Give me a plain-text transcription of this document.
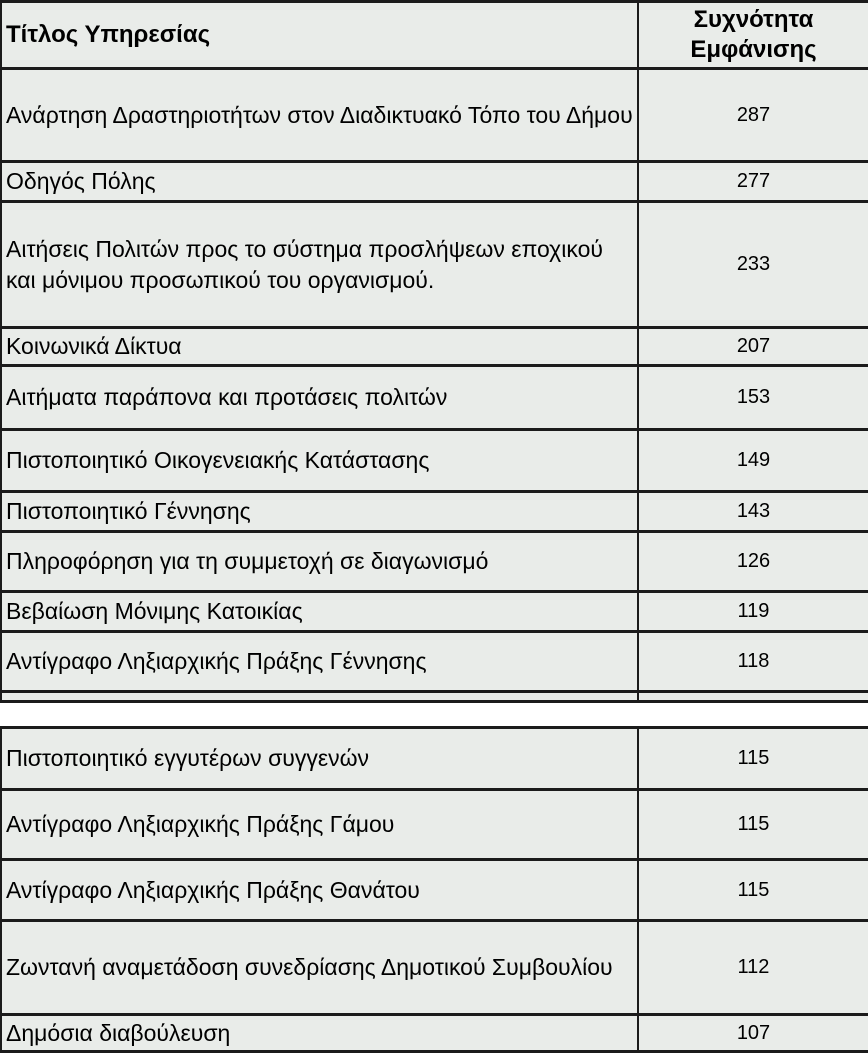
Τίτλος Υπηρεσίας	Συχνότητα Εμφάνισης
Ανάρτηση Δραστηριοτήτων στον Διαδικτυακό Τόπο του Δήμου	287
Οδηγός Πόλης	277
Αιτήσεις Πολιτών προς το σύστημα προσλήψεων εποχικού και μόνιμου προσωπικού του οργανισμού.	233
Κοινωνικά Δίκτυα	207
Αιτήματα παράπονα και προτάσεις πολιτών	153
Πιστοποιητικό Οικογενειακής Κατάστασης	149
Πιστοποιητικό Γέννησης	143
Πληροφόρηση για τη συμμετοχή σε διαγωνισμό	126
Βεβαίωση Μόνιμης Κατοικίας	119
Αντίγραφο Ληξιαρχικής Πράξης Γέννησης	118

Πιστοποιητικό εγγυτέρων συγγενών	115
Αντίγραφο Ληξιαρχικής Πράξης Γάμου	115
Αντίγραφο Ληξιαρχικής Πράξης Θανάτου	115
Ζωντανή αναμετάδοση συνεδρίασης Δημοτικού Συμβουλίου	112
Δημόσια διαβούλευση	107
